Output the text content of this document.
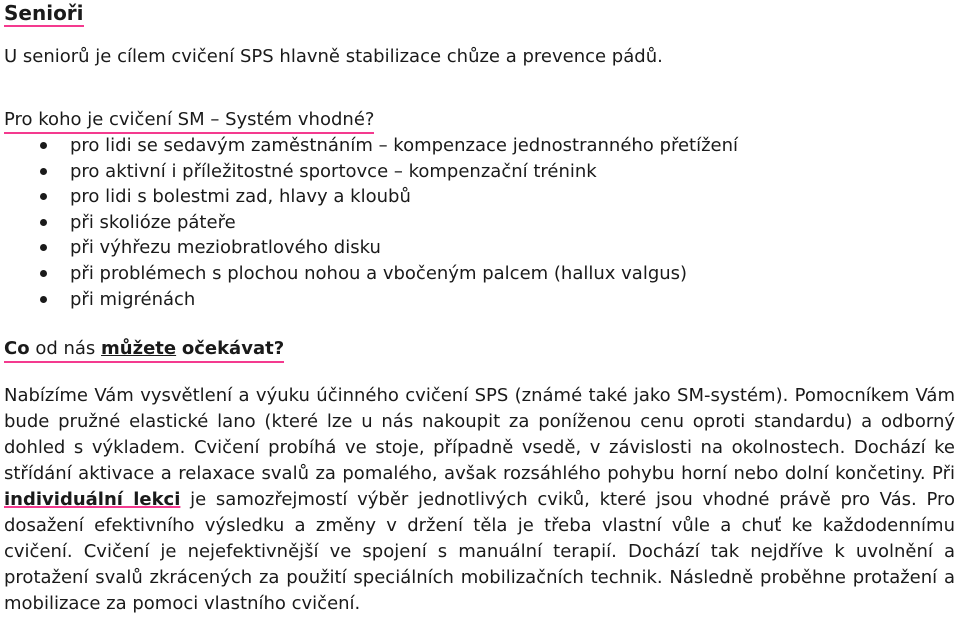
Senioři
U seniorů je cílem cvičení SPS hlavně stabilizace chůze a prevence pádů.
Pro koho je cvičení SM – Systém vhodné?
pro lidi se sedavým zaměstnáním – kompenzace jednostranného přetížení
pro aktivní i příležitostné sportovce – kompenzační trénink
pro lidi s bolestmi zad, hlavy a kloubů
při skolióze páteře
při výhřezu meziobratlového disku
při problémech s plochou nohou a vbočeným palcem (hallux valgus)
při migrénách
Co od nás můžete očekávat?

Nabízíme Vám vysvětlení a výuku účinného cvičení SPS (známé také jako SM-systém). Pomocníkem Vám bude pružné elastické lano (které lze u nás nakoupit za poníženou cenu oproti standardu) a odborný dohled s výkladem. Cvičení probíhá ve stoje, případně vsedě, v závislosti na okolnostech. Dochází ke střídání aktivace a relaxace svalů za pomalého, avšak rozsáhlého pohybu horní nebo dolní končetiny. Při individuální lekci je samozřejmostí výběr jednotlivých cviků, které jsou vhodné právě pro Vás. Pro dosažení efektivního výsledku a změny v držení těla je třeba vlastní vůle a chuť ke každodennímu cvičení. Cvičení je nejefektivnější ve spojení s manuální terapií. Dochází tak nejdříve k uvolnění a protažení svalů zkrácených za použití speciálních mobilizačních technik. Následně proběhne protažení a mobilizace za pomoci vlastního cvičení.
